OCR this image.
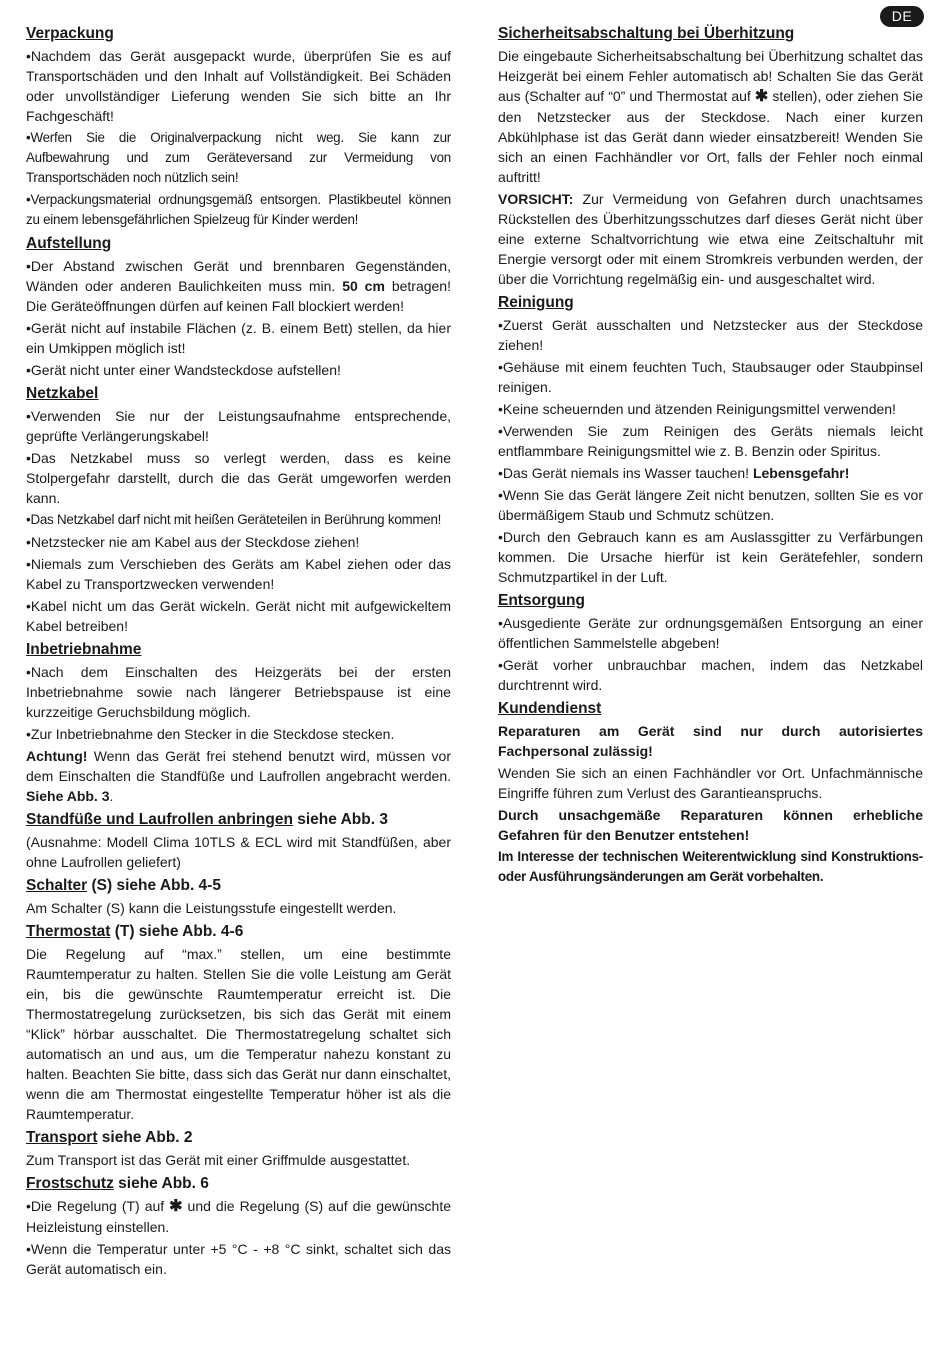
DE
Verpackung

•Nachdem das Gerät ausgepackt wurde, überprüfen Sie es auf Transportschäden und den Inhalt auf Vollständigkeit. Bei Schäden oder unvollständiger Lieferung wenden Sie sich bitte an Ihr Fachgeschäft!

•Werfen Sie die Originalverpackung nicht weg. Sie kann zur Aufbewahrung und zum Geräteversand zur Vermeidung von Transportschäden noch nützlich sein!

•Verpackungsmaterial ordnungsgemäß entsorgen. Plastikbeutel können zu einem lebensgefährlichen Spielzeug für Kinder werden!

Aufstellung

•Der Abstand zwischen Gerät und brennbaren Gegenständen, Wänden oder anderen Baulichkeiten muss min. 50 cm betragen! Die Geräteöffnungen dürfen auf keinen Fall blockiert werden!

•Gerät nicht auf instabile Flächen (z. B. einem Bett) stellen, da hier ein Umkippen möglich ist!

•Gerät nicht unter einer Wandsteckdose aufstellen!

Netzkabel

•Verwenden Sie nur der Leistungsaufnahme entsprechende, geprüfte Verlängerungskabel!

•Das Netzkabel muss so verlegt werden, dass es keine Stolpergefahr darstellt, durch die das Gerät umgeworfen werden kann.

•Das Netzkabel darf nicht mit heißen Geräteteilen in Berührung kommen!

•Netzstecker nie am Kabel aus der Steckdose ziehen!

•Niemals zum Verschieben des Geräts am Kabel ziehen oder das Kabel zu Transportzwecken verwenden!

•Kabel nicht um das Gerät wickeln. Gerät nicht mit aufgewickeltem Kabel betreiben!

Inbetriebnahme

•Nach dem Einschalten des Heizgeräts bei der ersten Inbetriebnahme sowie nach längerer Betriebspause ist eine kurzzeitige Geruchsbildung möglich.

•Zur Inbetriebnahme den Stecker in die Steckdose stecken.

Achtung! Wenn das Gerät frei stehend benutzt wird, müssen vor dem Einschalten die Standfüße und Laufrollen angebracht werden. Siehe Abb. 3.

Standfüße und Laufrollen anbringen siehe Abb. 3

(Ausnahme: Modell Clima 10TLS & ECL wird mit Standfüßen, aber ohne Laufrollen geliefert)

Schalter (S) siehe Abb. 4-5

Am Schalter (S) kann die Leistungsstufe eingestellt werden.

Thermostat (T) siehe Abb. 4-6

Die Regelung auf “max.” stellen, um eine bestimmte Raumtemperatur zu halten. Stellen Sie die volle Leistung am Gerät ein, bis die gewünschte Raumtemperatur erreicht ist. Die Thermostatregelung zurücksetzen, bis sich das Gerät mit einem “Klick” hörbar ausschaltet. Die Thermostatregelung schaltet sich automatisch an und aus, um die Temperatur nahezu konstant zu halten. Beachten Sie bitte, dass sich das Gerät nur dann einschaltet, wenn die am Thermostat eingestellte Temperatur höher ist als die Raumtemperatur.

Transport siehe Abb. 2

Zum Transport ist das Gerät mit einer Griffmulde ausgestattet.

Frostschutz siehe Abb. 6

•Die Regelung (T) auf ✱ und die Regelung (S) auf die gewünschte Heizleistung einstellen.

•Wenn die Temperatur unter +5 °C - +8 °C sinkt, schaltet sich das Gerät automatisch ein.

Sicherheitsabschaltung bei Überhitzung

Die eingebaute Sicherheitsabschaltung bei Überhitzung schaltet das Heizgerät bei einem Fehler automatisch ab! Schalten Sie das Gerät aus (Schalter auf “0” und Thermostat auf ✱ stellen), oder ziehen Sie den Netzstecker aus der Steckdose. Nach einer kurzen Abkühlphase ist das Gerät dann wieder einsatzbereit! Wenden Sie sich an einen Fachhändler vor Ort, falls der Fehler noch einmal auftritt!

VORSICHT: Zur Vermeidung von Gefahren durch unachtsames Rückstellen des Überhitzungsschutzes darf dieses Gerät nicht über eine externe Schaltvorrichtung wie etwa eine Zeitschaltuhr mit Energie versorgt oder mit einem Stromkreis verbunden werden, der über die Vorrichtung regelmäßig ein- und ausgeschaltet wird.

Reinigung

•Zuerst Gerät ausschalten und Netzstecker aus der Steckdose ziehen!

•Gehäuse mit einem feuchten Tuch, Staubsauger oder Staubpinsel reinigen.

•Keine scheuernden und ätzenden Reinigungsmittel verwenden!

•Verwenden Sie zum Reinigen des Geräts niemals leicht entflammbare Reinigungsmittel wie z. B. Benzin oder Spiritus.

•Das Gerät niemals ins Wasser tauchen! Lebensgefahr!

•Wenn Sie das Gerät längere Zeit nicht benutzen, sollten Sie es vor übermäßigem Staub und Schmutz schützen.

•Durch den Gebrauch kann es am Auslassgitter zu Verfärbungen kommen. Die Ursache hierfür ist kein Gerätefehler, sondern Schmutzpartikel in der Luft.

Entsorgung

•Ausgediente Geräte zur ordnungsgemäßen Entsorgung an einer öffentlichen Sammelstelle abgeben!

•Gerät vorher unbrauchbar machen, indem das Netzkabel durchtrennt wird.

Kundendienst

Reparaturen am Gerät sind nur durch autorisiertes Fachpersonal zulässig!

Wenden Sie sich an einen Fachhändler vor Ort. Unfachmännische Eingriffe führen zum Verlust des Garantieanspruchs.

Durch unsachgemäße Reparaturen können erhebliche Gefahren für den Benutzer entstehen!

Im Interesse der technischen Weiterentwicklung sind Konstruktions- oder Ausführungsänderungen am Gerät vorbehalten.
